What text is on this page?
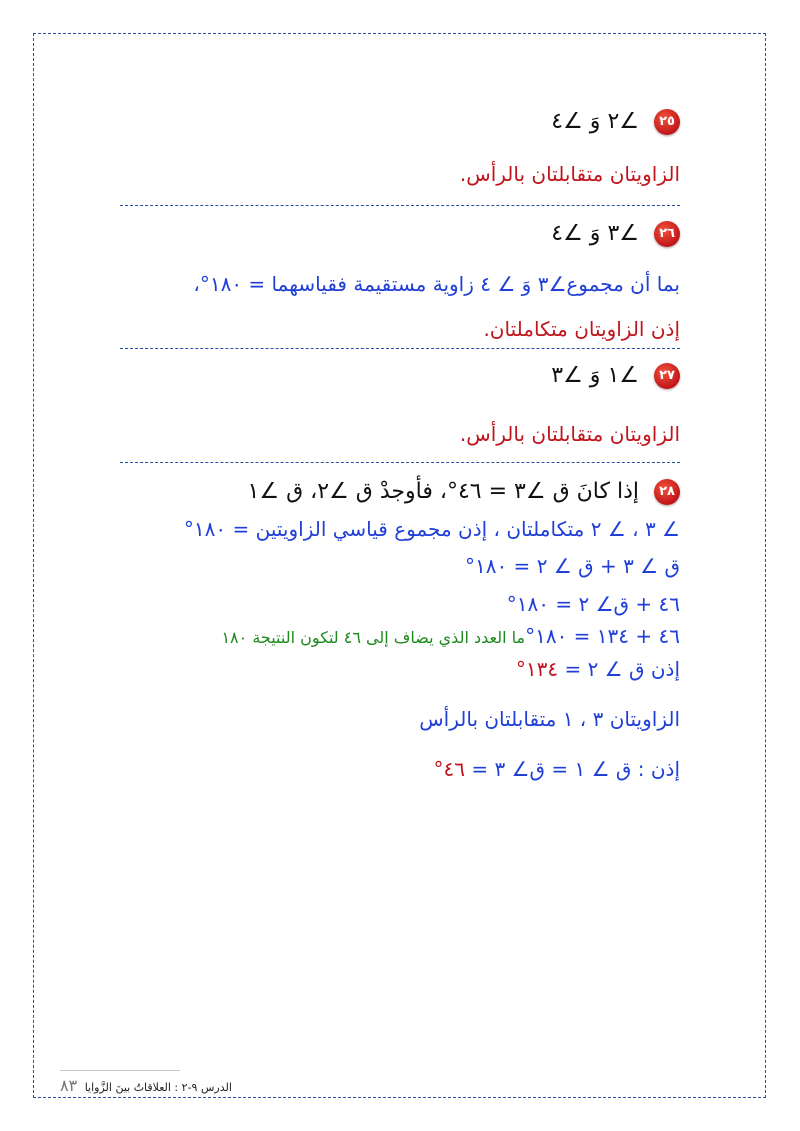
٢٥ ∠٢ وَ ∠٤
الزاويتان متقابلتان بالرأس.
٢٦ ∠٣ وَ ∠٤
بما أن مجموع∠٣ وَ ∠ ٤ زاوية مستقيمة فقياسهما = ١٨٠°،
إذن الزاويتان متكاملتان.
٢٧ ∠١ وَ ∠٣
الزاويتان متقابلتان بالرأس.
٢٨ إذا كانَ ق ∠٣ = ٤٦°، فأوجدْ ق ∠٢، ق ∠١
∠ ٣ ، ∠ ٢ متكاملتان ، إذن مجموع قياسي الزاويتين = ١٨٠°
ق ∠ ٣ + ق ∠ ٢ = ١٨٠°
٤٦ + ق∠ ٢ = ١٨٠°
٤٦ + ١٣٤ = ١٨٠°ما العدد الذي يضاف إلى ٤٦ لتكون النتيجة ١٨٠
إذن ق ∠ ٢ = ١٣٤°
الزاويتان ٣ ، ١ متقابلتان بالرأس
إذن : ق ∠ ١ = ق∠ ٣ = ٤٦°
الدرس ٩-٢ : العلاقاتُ بينَ الزَّوايا ٨٣
